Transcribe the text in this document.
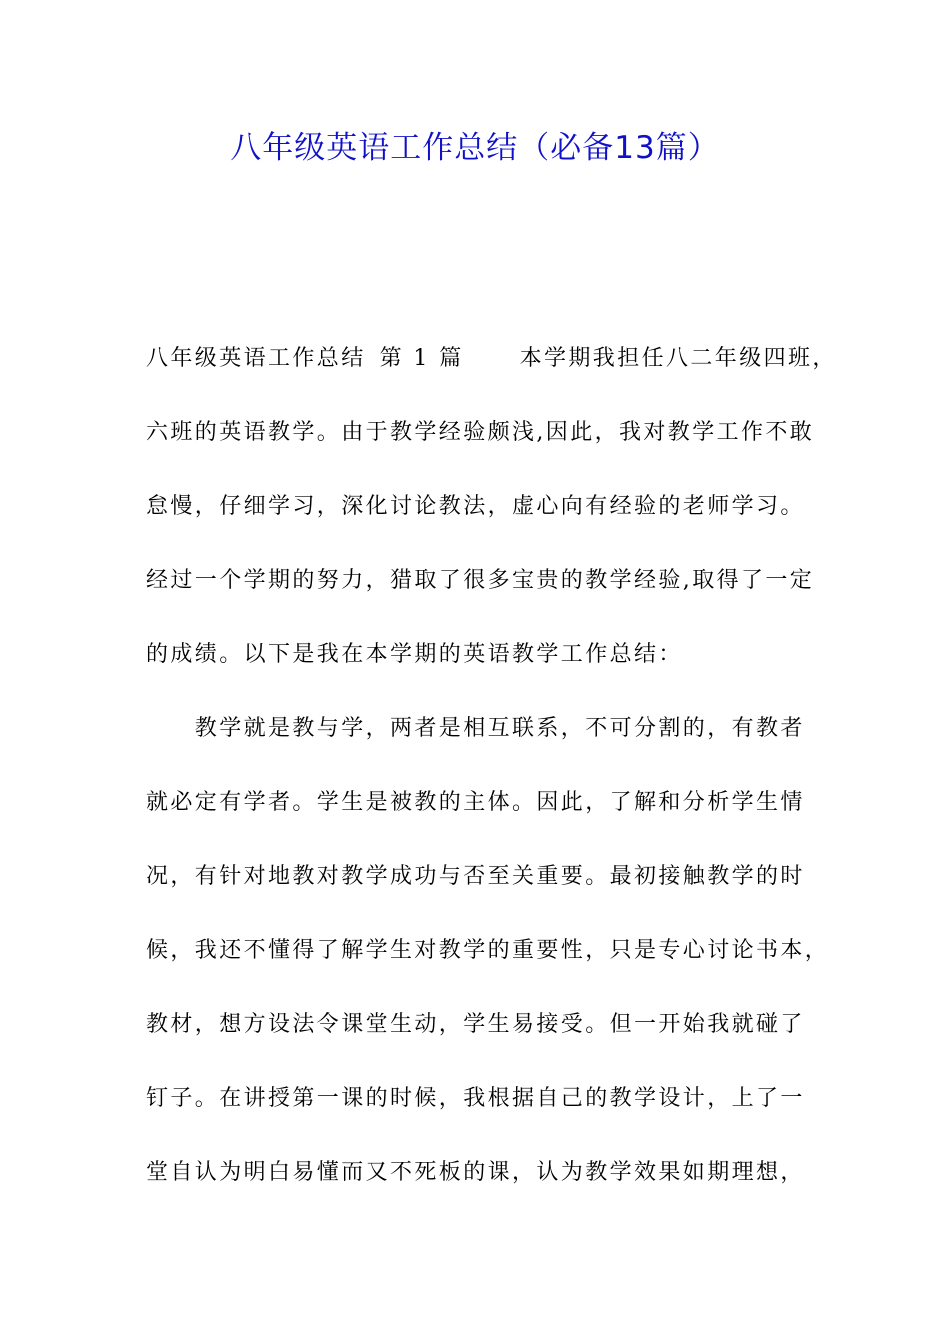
八年级英语工作总结（必备13篇）
八年级英语工作总结 第 1 篇	本学期我担任八二年级四班，
六班的英语教学。由于教学经验颇浅,因此，我对教学工作不敢
怠慢，仔细学习，深化讨论教法，虚心向有经验的老师学习。
经过一个学期的努力，猎取了很多宝贵的教学经验,取得了一定
的成绩。以下是我在本学期的英语教学工作总结：
　　教学就是教与学，两者是相互联系，不可分割的，有教者
就必定有学者。学生是被教的主体。因此，了解和分析学生情
况，有针对地教对教学成功与否至关重要。最初接触教学的时
候，我还不懂得了解学生对教学的重要性，只是专心讨论书本，
教材，想方设法令课堂生动，学生易接受。但一开始我就碰了
钉子。在讲授第一课的时候，我根据自己的教学设计，上了一
堂自认为明白易懂而又不死板的课，认为教学效果如期理想，
